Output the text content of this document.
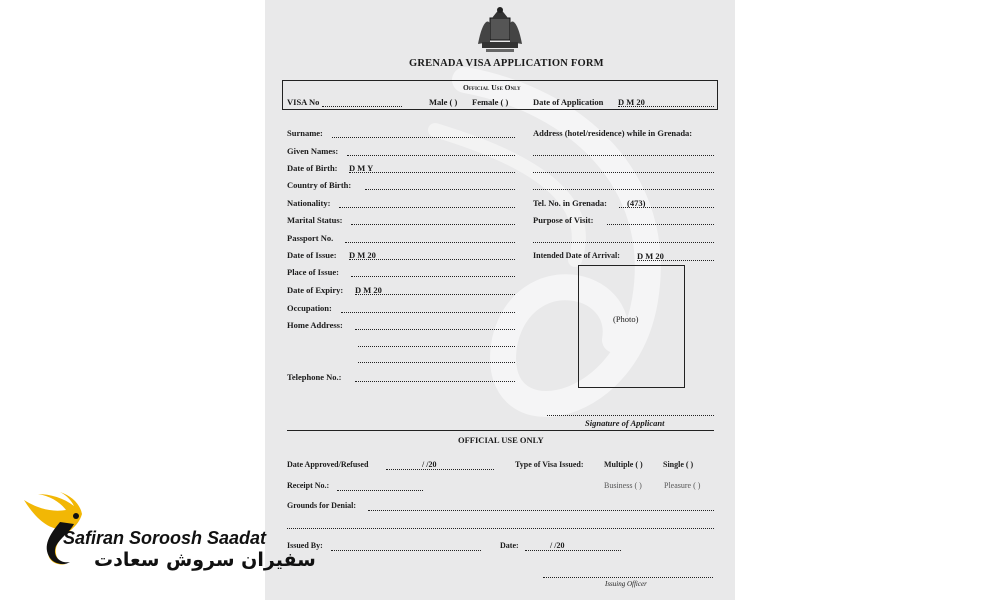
GRENADA VISA APPLICATION FORM
Official Use Only
VISA No	Male ( ) Female ( )	Date of Application D M 20
Surname:
Given Names:
Date of Birth: D M Y
Country of Birth:
Nationality:
Marital Status:
Passport No.
Date of Issue: D M 20
Place of Issue:
Date of Expiry: D M 20
Occupation:
Home Address:
Telephone No.:
Address (hotel/residence) while in Grenada:
Tel. No. in Grenada: (473)
Purpose of Visit:
Intended Date of Arrival: D M 20
(Photo)
Signature of Applicant
OFFICIAL USE ONLY
Date Approved/Refused	/ /20	Type of Visa Issued:	Multiple ( )	Single ( )
Receipt No.:	Business ( )	Pleasure ( )
Grounds for Denial:
Issued By:	Date:	/ /20
Issuing Officer
Safiran Soroosh Saadat
سفیران سروش سعادت
